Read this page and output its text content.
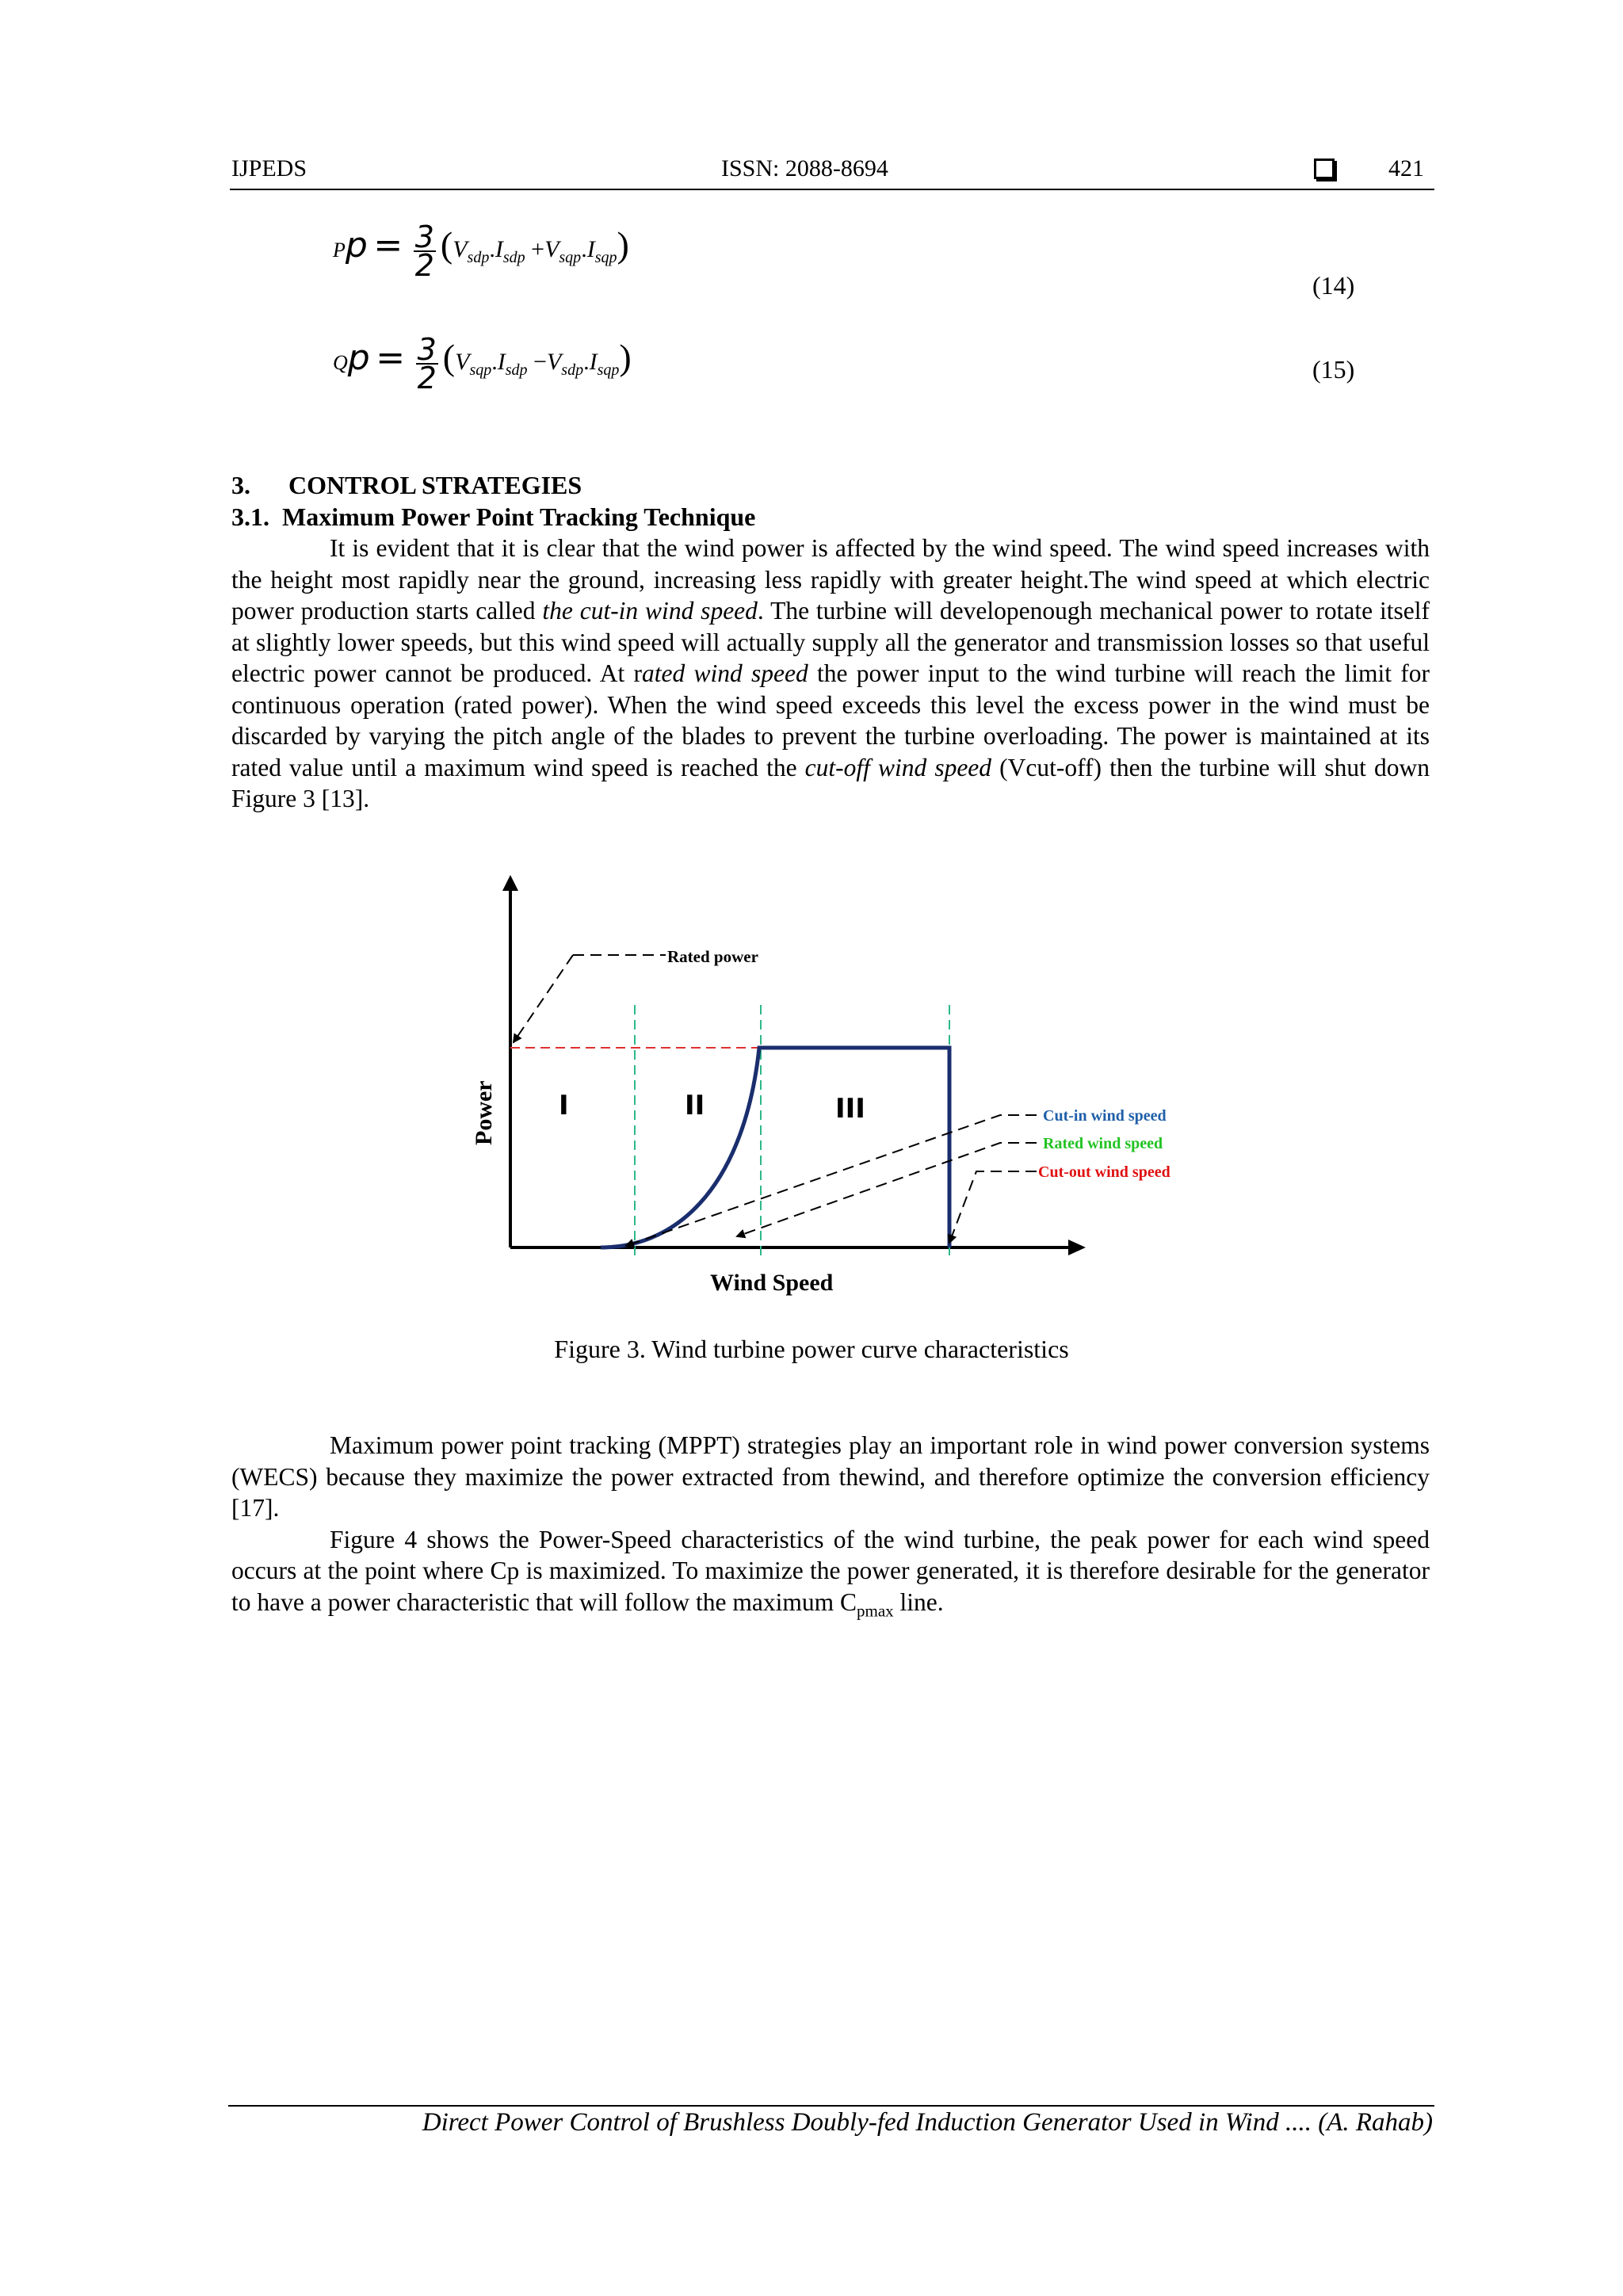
IJPEDS	ISSN: 2088-8694	421
$Pp = \frac{3}{2} (V_{sdp}.I_{sdp} +V_{sqp}.I_{sqp})$
(14)
$Qp = \frac{3}{2} (V_{sqp}.I_{sdp} -V_{sdp}.I_{sqp})$	(15)
3.      CONTROL STRATEGIES
3.1.  Maximum Power Point Tracking Technique

It is evident that it is clear that the wind power is affected by the wind speed. The wind speed increases with the height most rapidly near the ground, increasing less rapidly with greater height.The wind speed at which electric power production starts called the cut-in wind speed. The turbine will developenough mechanical power to rotate itself at slightly lower speeds, but this wind speed will actually supply all the generator and transmission losses so that useful electric power cannot be produced. At rated wind speed the power input to the wind turbine will reach the limit for continuous operation (rated power). When the wind speed exceeds this level the excess power in the wind must be discarded by varying the pitch angle of the blades to prevent the turbine overloading. The power is maintained at its rated value until a maximum wind speed is reached the cut-off wind speed (Vcut-off) then the turbine will shut down Figure 3 [13].

I	II	III
Rated power
Cut-in wind speed
Rated wind speed
Cut-out wind speed
Power
Wind Speed
Figure 3. Wind turbine power curve characteristics

Maximum power point tracking (MPPT) strategies play an important role in wind power conversion systems (WECS) because they maximize the power extracted from thewind, and therefore optimize the conversion efficiency [17].

Figure 4 shows the Power-Speed characteristics of the wind turbine, the peak power for each wind speed occurs at the point where Cp is maximized. To maximize the power generated, it is therefore desirable for the generator to have a power characteristic that will follow the maximum $C_{pmax}$ line.

Direct Power Control of Brushless Doubly-fed Induction Generator Used in Wind .... (A. Rahab)
